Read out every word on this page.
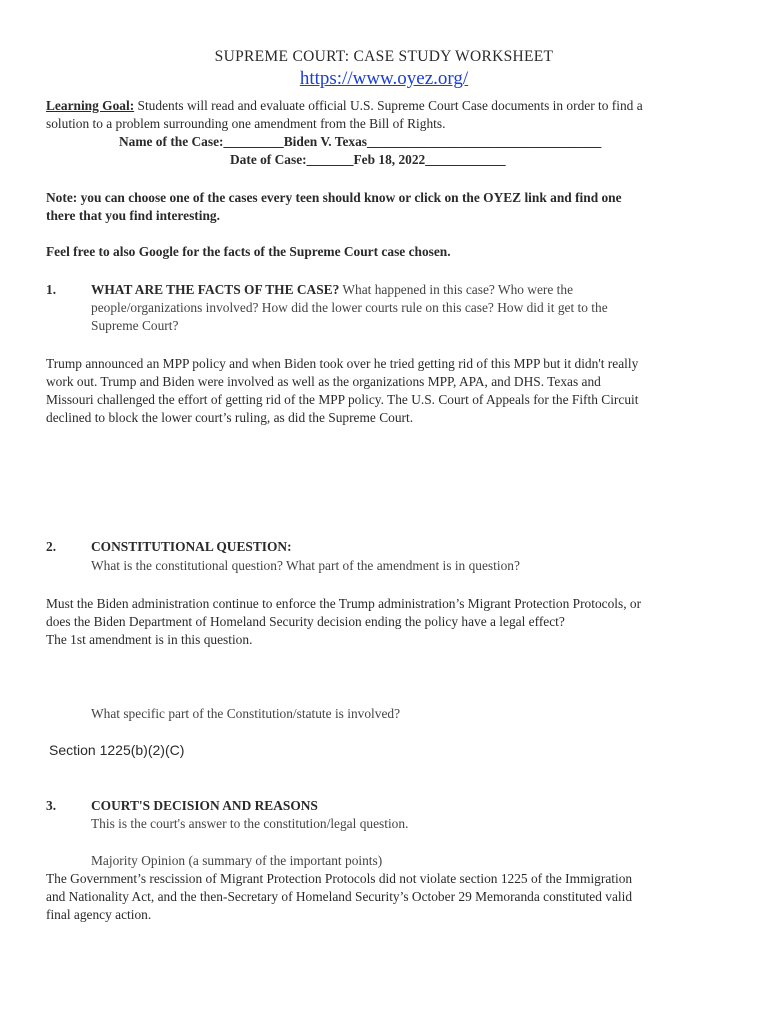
SUPREME COURT: CASE STUDY WORKSHEET
https://www.oyez.org/
Learning Goal: Students will read and evaluate official U.S. Supreme Court Case documents in order to find a
solution to a problem surrounding one amendment from the Bill of Rights.
Name of the Case:_________Biden V. Texas___________________________________
Date of Case:_______Feb 18, 2022____________
Note: you can choose one of the cases every teen should know or click on the OYEZ link and find one
there that you find interesting.
Feel free to also Google for the facts of the Supreme Court case chosen.
1.	WHAT ARE THE FACTS OF THE CASE? What happened in this case? Who were the
people/organizations involved? How did the lower courts rule on this case? How did it get to the
Supreme Court?
Trump announced an MPP policy and when Biden took over he tried getting rid of this MPP but it didn't really
work out. Trump and Biden were involved as well as the organizations MPP, APA, and DHS. Texas and
Missouri challenged the effort of getting rid of the MPP policy. The U.S. Court of Appeals for the Fifth Circuit
declined to block the lower court’s ruling, as did the Supreme Court.
2.	CONSTITUTIONAL QUESTION:
What is the constitutional question? What part of the amendment is in question?
Must the Biden administration continue to enforce the Trump administration’s Migrant Protection Protocols, or
does the Biden Department of Homeland Security decision ending the policy have a legal effect?
The 1st amendment is in this question.
What specific part of the Constitution/statute is involved?
Section 1225(b)(2)(C)
3.	COURT'S DECISION AND REASONS
This is the court's answer to the constitution/legal question.
Majority Opinion (a summary of the important points)
The Government’s rescission of Migrant Protection Protocols did not violate section 1225 of the Immigration
and Nationality Act, and the then-Secretary of Homeland Security’s October 29 Memoranda constituted valid
final agency action.
